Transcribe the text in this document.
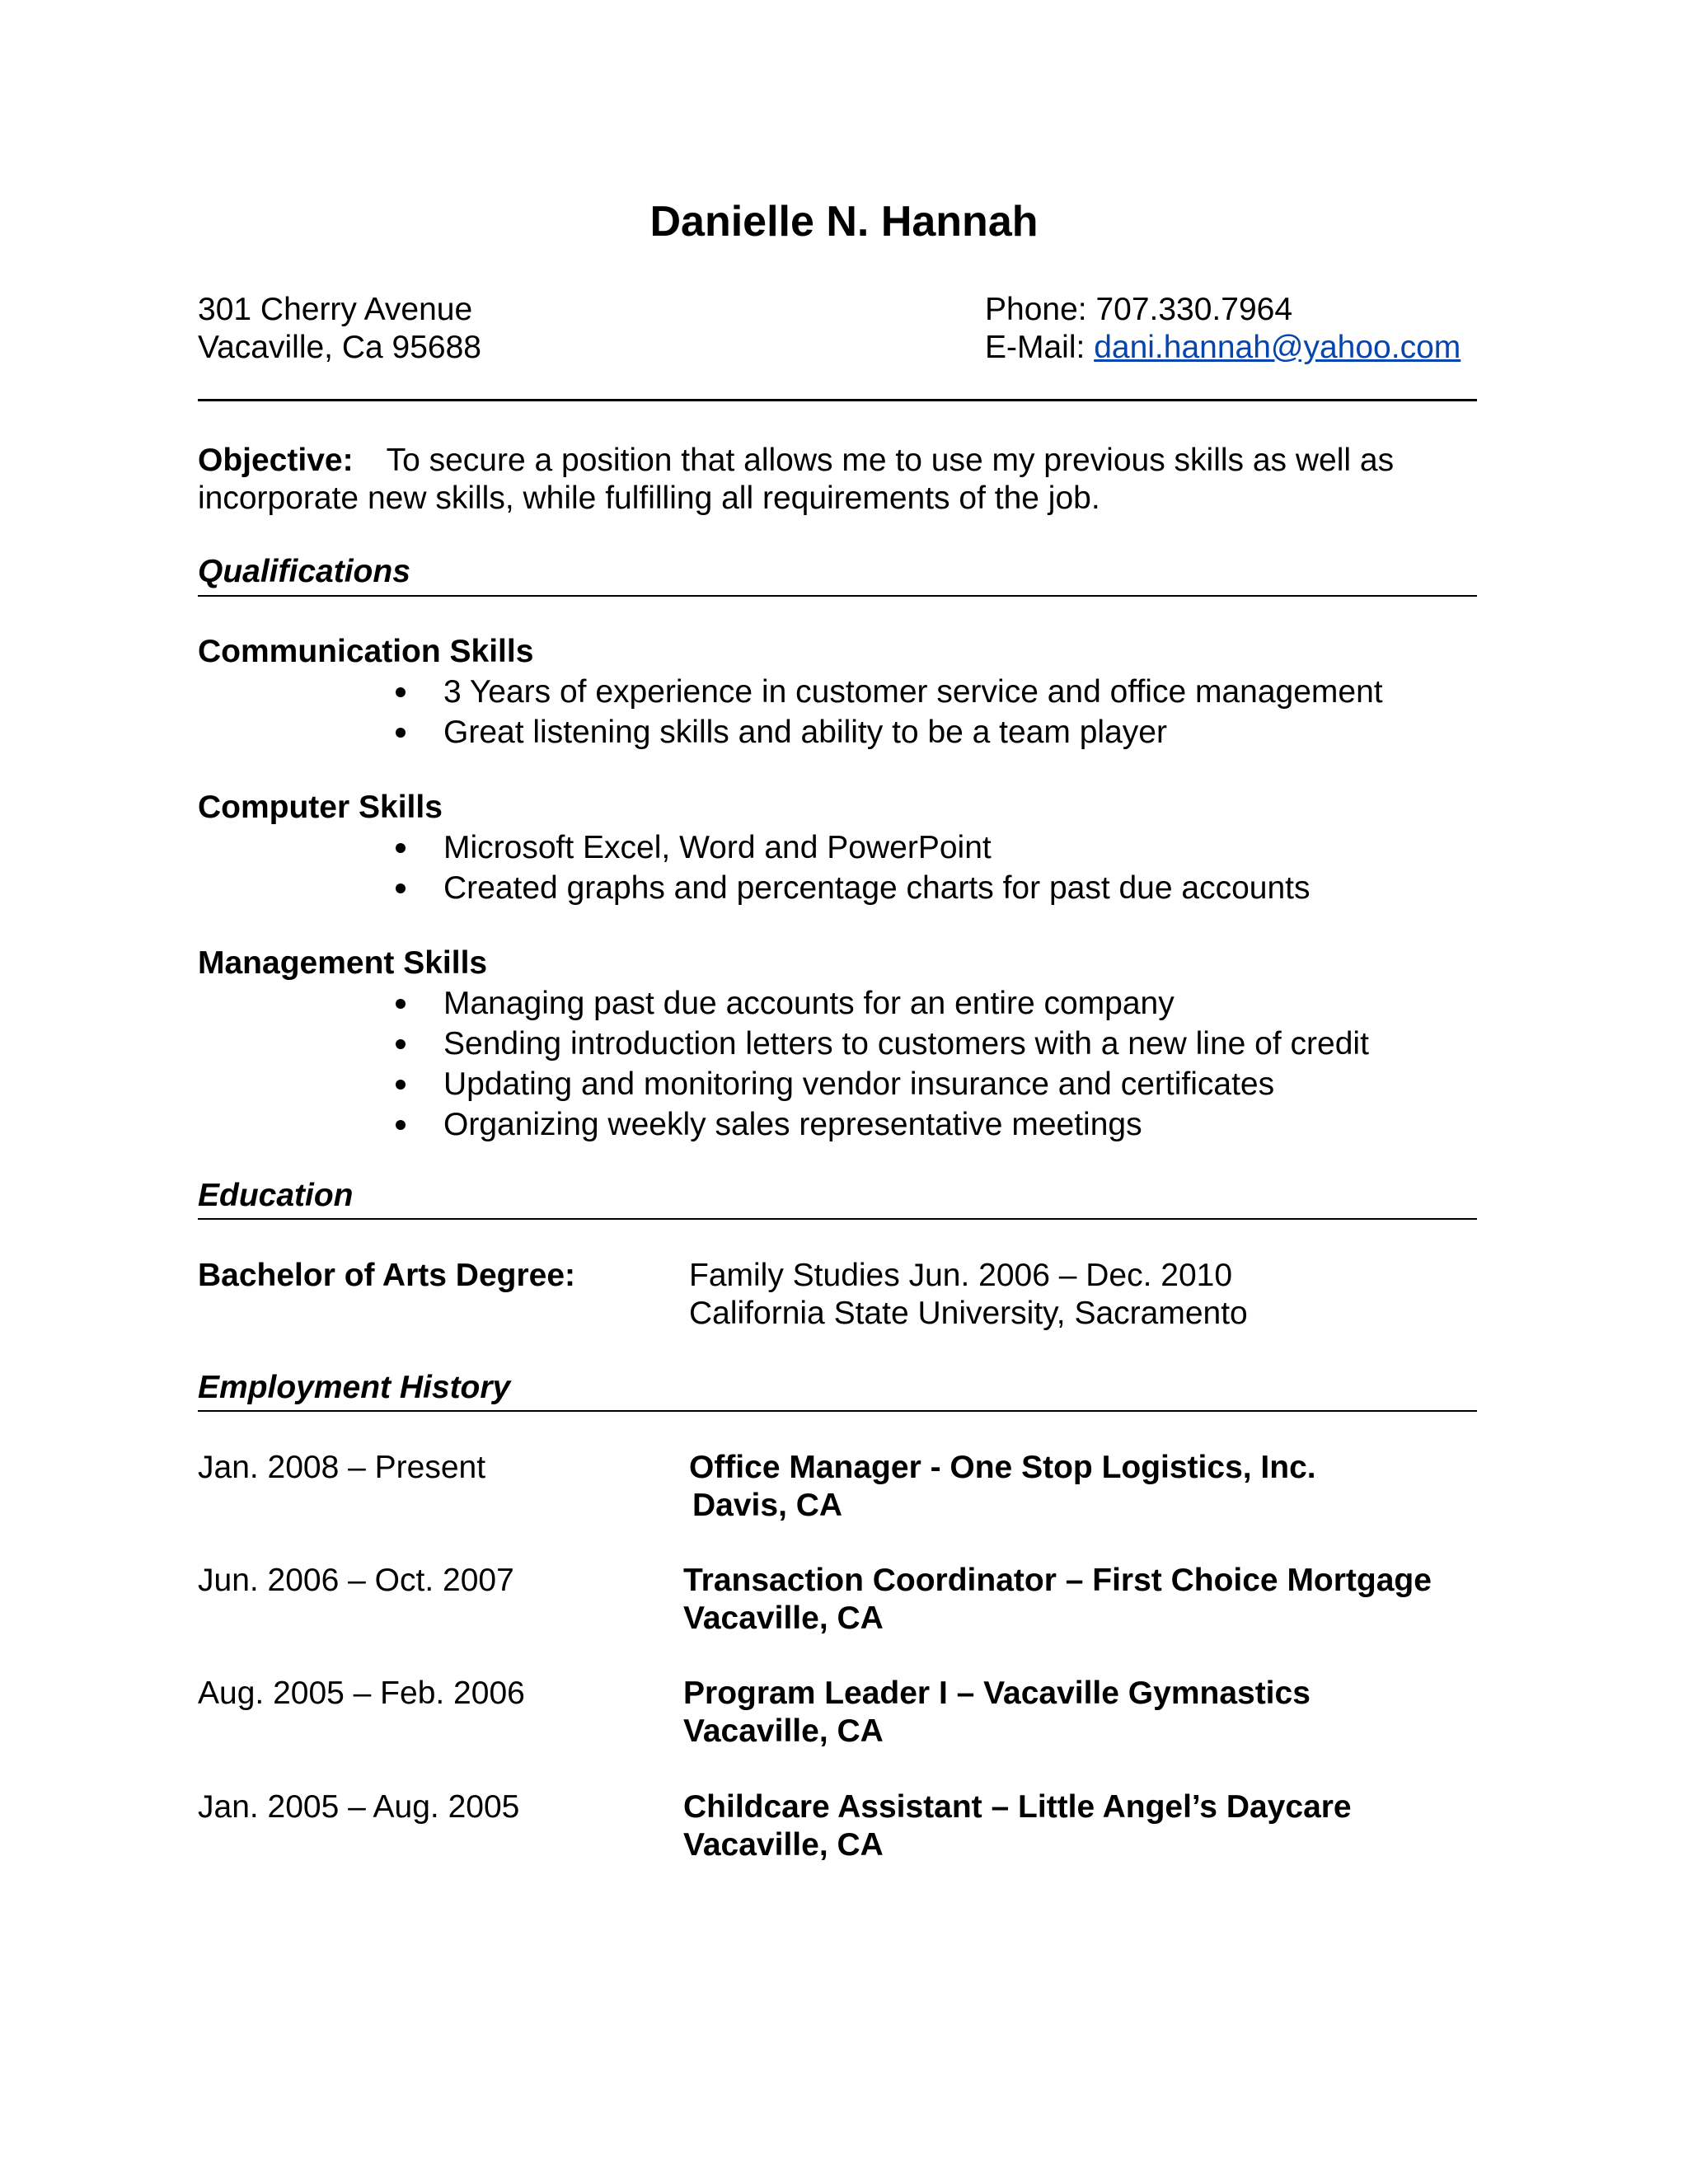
Danielle N. Hannah
301 Cherry Avenue
Vacaville, Ca 95688
Phone: 707.330.7964
E-Mail: dani.hannah@yahoo.com
Objective: To secure a position that allows me to use my previous skills as well as incorporate new skills, while fulfilling all requirements of the job.
Qualifications
Communication Skills
3 Years of experience in customer service and office management
Great listening skills and ability to be a team player
Computer Skills
Microsoft Excel, Word and PowerPoint
Created graphs and percentage charts for past due accounts
Management Skills
Managing past due accounts for an entire company
Sending introduction letters to customers with a new line of credit
Updating and monitoring vendor insurance and certificates
Organizing weekly sales representative meetings
Education
Bachelor of Arts Degree:	Family Studies Jun. 2006 – Dec. 2010
California State University, Sacramento
Employment History
Jan. 2008 – Present	Office Manager - One Stop Logistics, Inc.
Davis, CA
Jun. 2006 – Oct. 2007	Transaction Coordinator – First Choice Mortgage
Vacaville, CA
Aug. 2005 – Feb. 2006	Program Leader I – Vacaville Gymnastics
Vacaville, CA
Jan. 2005 – Aug. 2005	Childcare Assistant – Little Angel’s Daycare
Vacaville, CA
